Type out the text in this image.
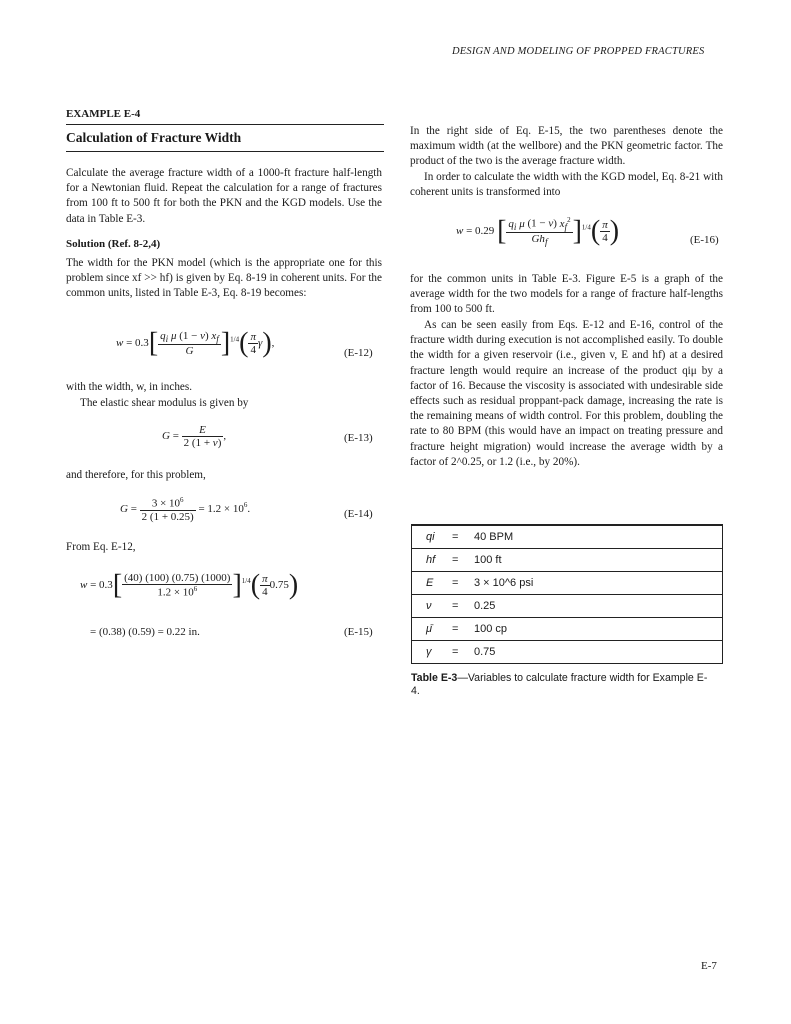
DESIGN AND MODELING OF PROPPED FRACTURES
EXAMPLE E-4
Calculation of Fracture Width
Calculate the average fracture width of a 1000-ft fracture half-length for a Newtonian fluid. Repeat the calculation for a range of fractures from 100 ft to 500 ft for both the PKN and the KGD models. Use the data in Table E-3.
Solution (Ref. 8-2,4)
The width for the PKN model (which is the appropriate one for this problem since xf >> hf) is given by Eq. 8-19 in coherent units. For the common units, listed in Table E-3, Eq. 8-19 becomes:
$w = 0.3[ \frac{q_i \mu (1 - v) x_f}{G} ]^{1/4}( \frac{\pi}{4} \gamma)$,
(E-12)
with the width, w, in inches.
The elastic shear modulus is given by
$G = \frac{E}{2 (1 + v)}$ ,	(E-13)
and therefore, for this problem,
$G = \frac{3 \times 10^6}{2 (1 + 0.25)} = 1.2 \times 10^6$.	(E-14)
From Eq. E-12,
$w = 0.3[ \frac{(40) (100) (0.75) (1000)}{1.2 \times 10^6} ]^{1/4}( \frac{\pi}{4} 0.75)$
= (0.38) (0.59) = 0.22 in.	(E-15)
In the right side of Eq. E-15, the two parentheses denote the maximum width (at the wellbore) and the PKN geometric factor. The product of the two is the average fracture width.
In order to calculate the width with the KGD model, Eq. 8-21 with coherent units is transformed into
w = 0.29 [ $\frac{q_i \mu (1 - v) x_f^2}{Gh_f} ]^{1/4}( \frac{\pi}{4}$ )	(E-16)
for the common units in Table E-3. Figure E-5 is a graph of the average width for the two models for a range of fracture half-lengths from 100 to 500 ft.
As can be seen easily from Eqs. E-12 and E-16, control of the fracture width during execution is not accomplished easily. To double the width for a given reservoir (i.e., given v, E and hf) at a desired fracture length would require an increase of the product qiμ by a factor of 16. Because the viscosity is associated with undesirable side effects such as residual proppant-pack damage, increasing the rate is the remaining means of width control. For this problem, doubling the rate to 80 BPM (this would have an impact on treating pressure and fracture height migration) would increase the average width by a factor of 2^0.25, or 1.2 (i.e., by 20%).
qi	=	40 BPM
hf	=	100 ft
E	=	3 × 10^6 psi
ν	=	0.25
μ̄	=	100 cp
γ	=	0.75
Table E-3—Variables to calculate fracture width for Example E-4.
E-7
